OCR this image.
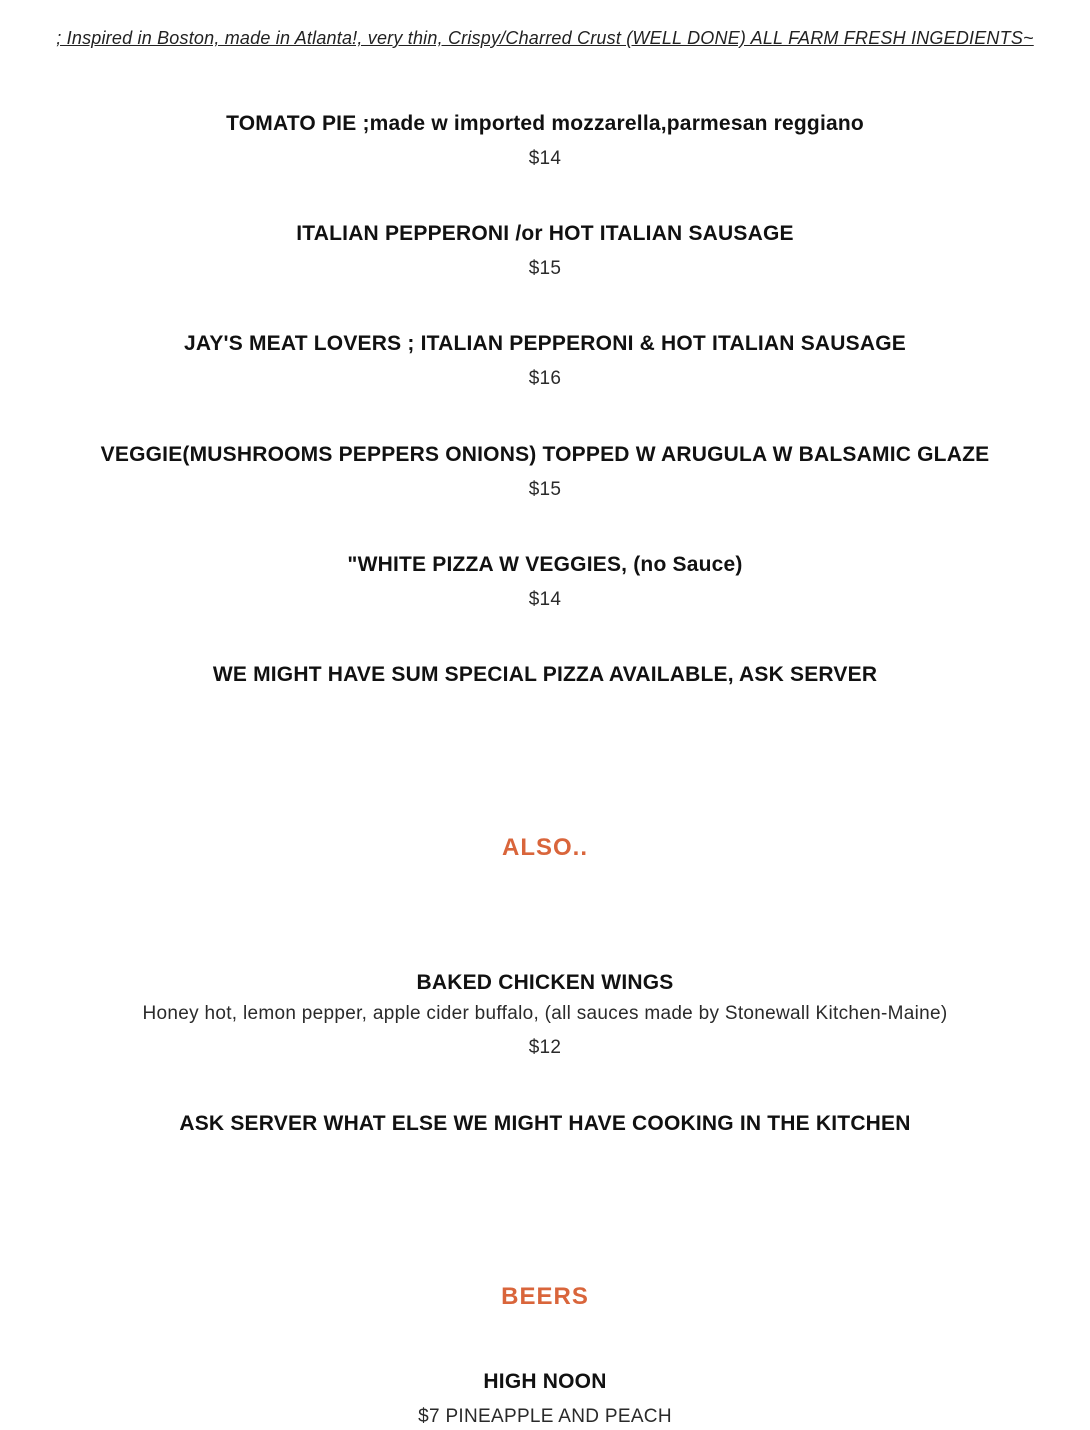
; Inspired in Boston, made in Atlanta!, very thin, Crispy/Charred Crust (WELL DONE) ALL FARM FRESH INGEDIENTS~
TOMATO PIE ;made w imported mozzarella,parmesan reggiano
$14
ITALIAN PEPPERONI /or HOT ITALIAN SAUSAGE
$15
JAY'S MEAT LOVERS ; ITALIAN PEPPERONI & HOT ITALIAN SAUSAGE
$16
VEGGIE(MUSHROOMS PEPPERS ONIONS) TOPPED W ARUGULA W BALSAMIC GLAZE
$15
"WHITE PIZZA W VEGGIES, (no Sauce)
$14
WE MIGHT HAVE SUM SPECIAL PIZZA AVAILABLE, ASK SERVER
ALSO..
BAKED CHICKEN WINGS
Honey hot, lemon pepper, apple cider buffalo, (all sauces made by Stonewall Kitchen-Maine)
$12
ASK SERVER WHAT ELSE WE MIGHT HAVE COOKING IN THE KITCHEN
BEERS
HIGH NOON
$7 PINEAPPLE AND PEACH
